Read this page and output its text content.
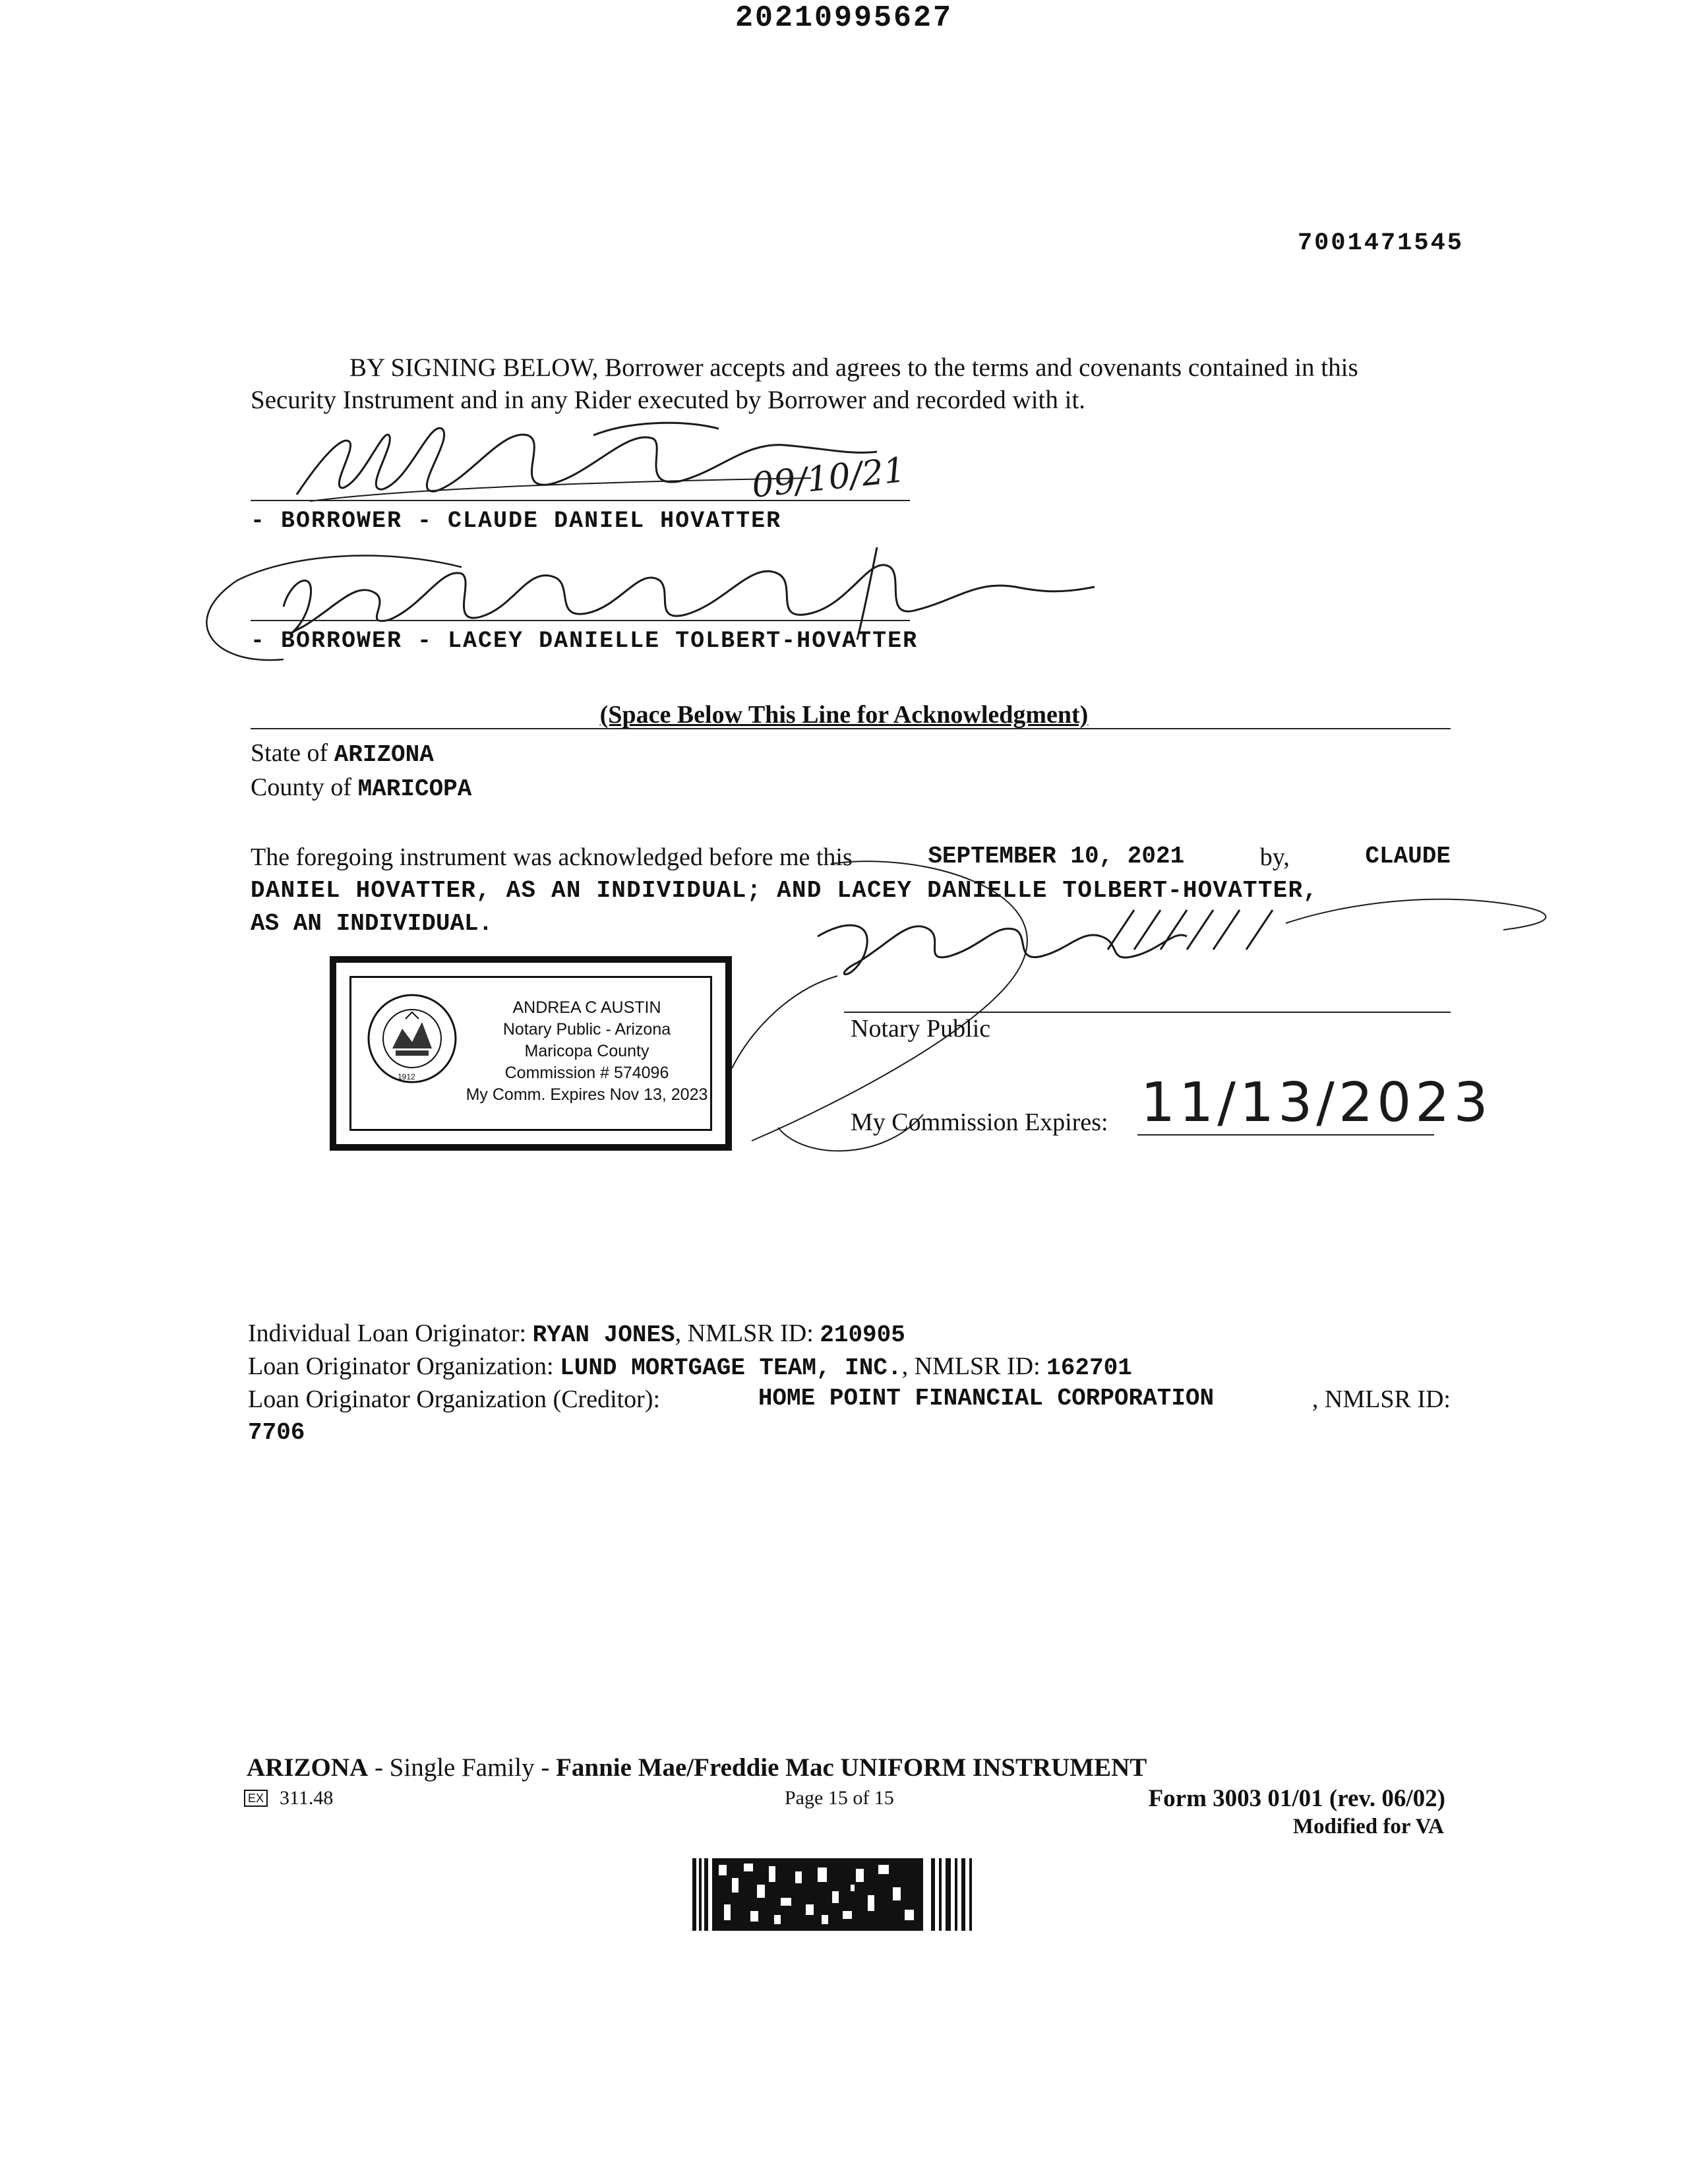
20210995627
7001471545
BY SIGNING BELOW, Borrower accepts and agrees to the terms and covenants contained in this
Security Instrument and in any Rider executed by Borrower and recorded with it.
09/10/21
- BORROWER - CLAUDE DANIEL HOVATTER
- BORROWER - LACEY DANIELLE TOLBERT-HOVATTER
(Space Below This Line for Acknowledgment)
State of ARIZONA
County of MARICOPA
The foregoing instrument was acknowledged before me this	SEPTEMBER 10, 2021	by,	CLAUDE
DANIEL HOVATTER, AS AN INDIVIDUAL; AND LACEY DANIELLE TOLBERT-HOVATTER,
AS AN INDIVIDUAL.
1912
ANDREA C AUSTIN
Notary Public - Arizona
Maricopa County
Commission # 574096
My Comm. Expires Nov 13, 2023
Notary Public
My Commission Expires: 11/13/2023
Individual Loan Originator: RYAN JONES, NMLSR ID: 210905
Loan Originator Organization: LUND MORTGAGE TEAM, INC., NMLSR ID: 162701
Loan Originator Organization (Creditor):	HOME POINT FINANCIAL CORPORATION	, NMLSR ID:
7706
ARIZONA - Single Family - Fannie Mae/Freddie Mac UNIFORM INSTRUMENT
EX 311.48	Page 15 of 15	Form 3003 01/01 (rev. 06/02)
Modified for VA
